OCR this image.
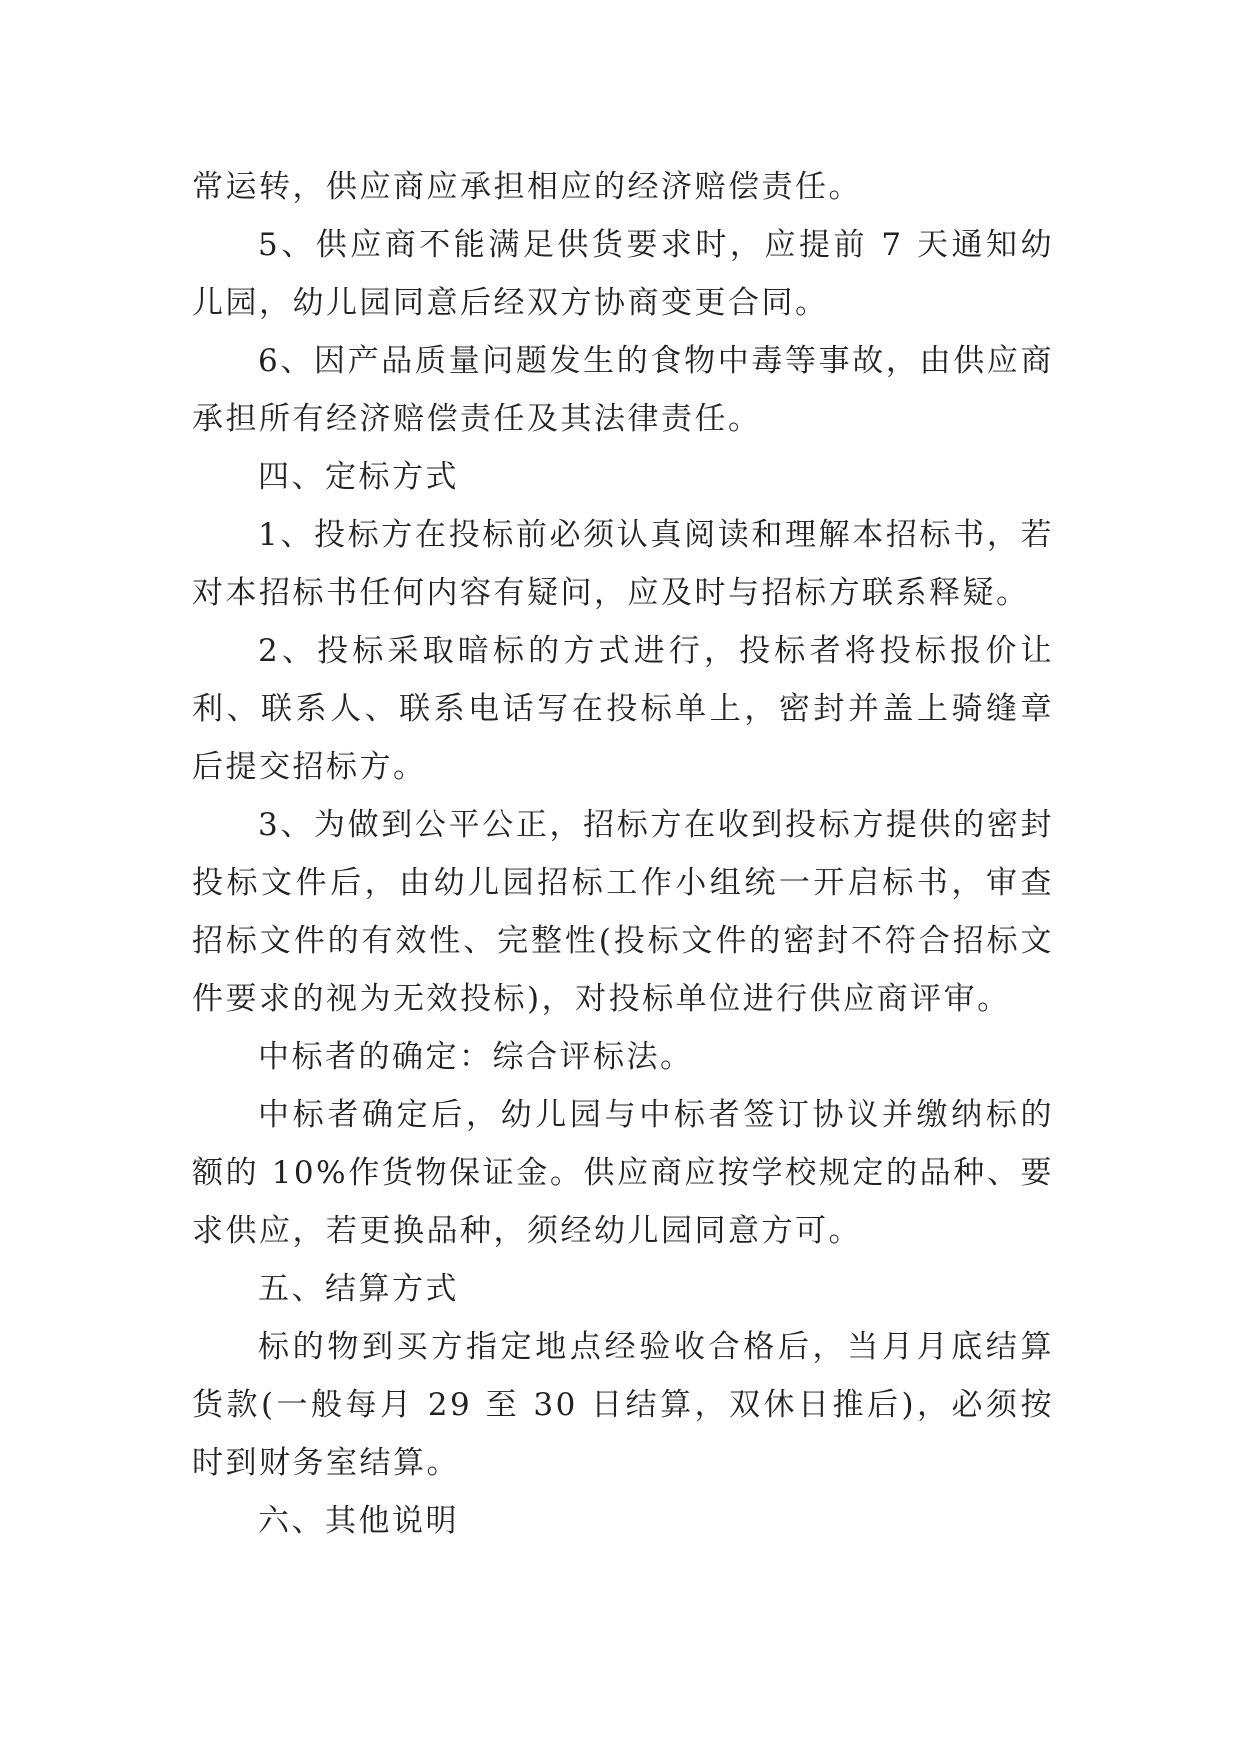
常运转，供应商应承担相应的经济赔偿责任。

5、供应商不能满足供货要求时，应提前 7 天通知幼儿园，幼儿园同意后经双方协商变更合同。

6、因产品质量问题发生的食物中毒等事故，由供应商承担所有经济赔偿责任及其法律责任。

四、定标方式

1、投标方在投标前必须认真阅读和理解本招标书，若对本招标书任何内容有疑问，应及时与招标方联系释疑。

2、投标采取暗标的方式进行，投标者将投标报价让利、联系人、联系电话写在投标单上，密封并盖上骑缝章后提交招标方。

3、为做到公平公正，招标方在收到投标方提供的密封投标文件后，由幼儿园招标工作小组统一开启标书，审查招标文件的有效性、完整性(投标文件的密封不符合招标文件要求的视为无效投标)，对投标单位进行供应商评审。

中标者的确定：综合评标法。

中标者确定后，幼儿园与中标者签订协议并缴纳标的额的 10%作货物保证金。供应商应按学校规定的品种、要求供应，若更换品种，须经幼儿园同意方可。

五、结算方式

标的物到买方指定地点经验收合格后，当月月底结算货款(一般每月 29 至 30 日结算，双休日推后)，必须按时到财务室结算。

六、其他说明
